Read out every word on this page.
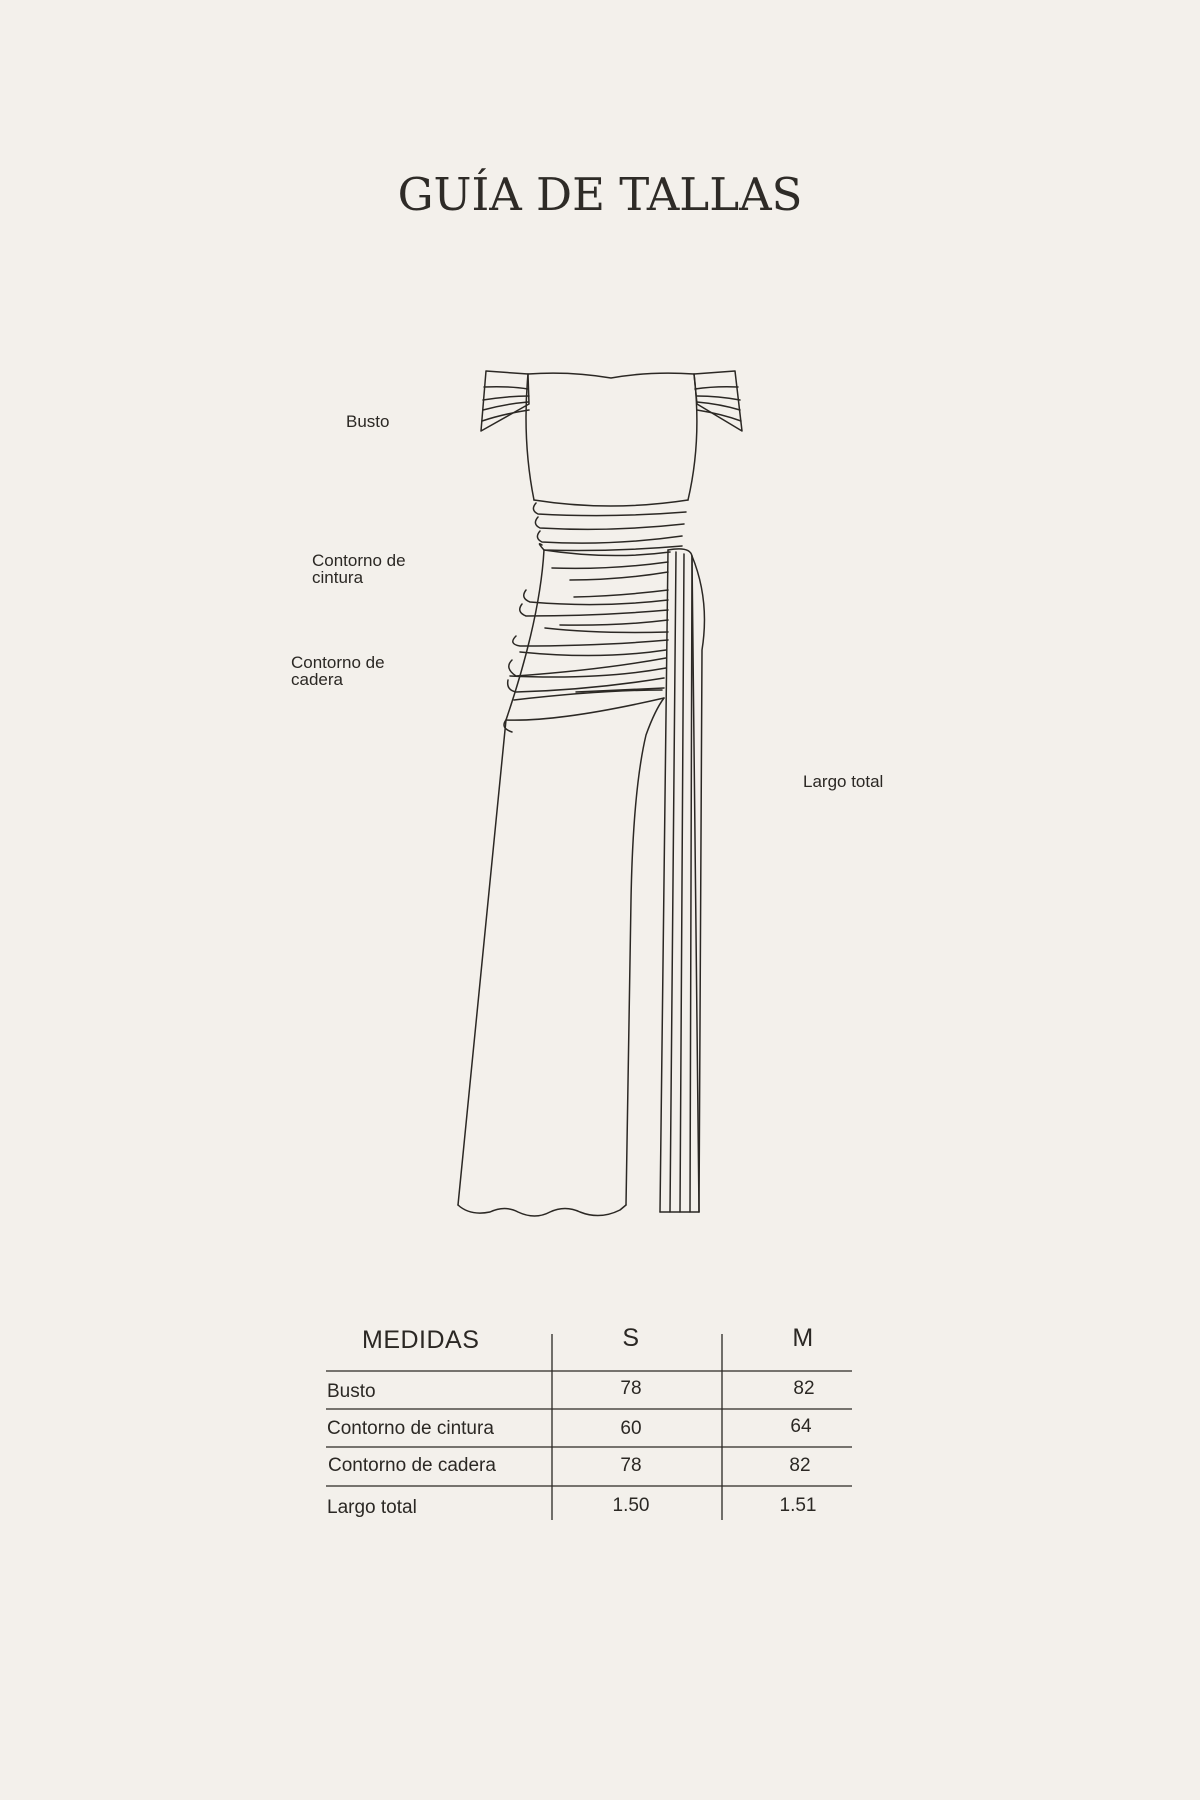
GUÍA DE TALLAS
Busto
Contorno de
cintura
Contorno de
cadera
Largo total
MEDIDAS	S	M
Busto	78	82
Contorno de cintura	60	64
Contorno de cadera	78	82
Largo total	1.50	1.51
